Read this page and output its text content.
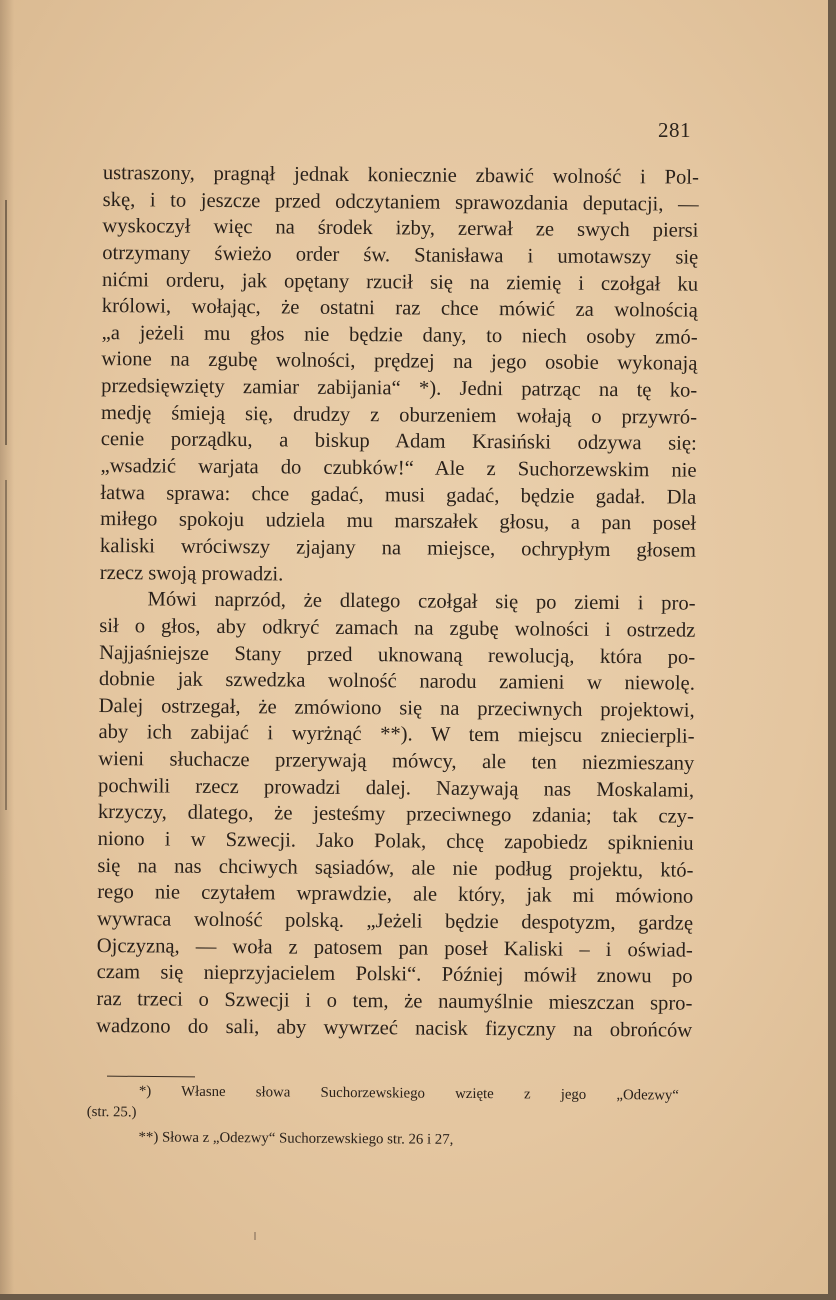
281
ustraszony, pragnął jednak koniecznie zbawić wolność i Pol-
skę, i to jeszcze przed odczytaniem sprawozdania deputacji, —
wyskoczył więc na środek izby, zerwał ze swych piersi
otrzymany świeżo order św. Stanisława i umotawszy się
nićmi orderu, jak opętany rzucił się na ziemię i czołgał ku
królowi, wołając, że ostatni raz chce mówić za wolnością
„a jeżeli mu głos nie będzie dany, to niech osoby zmó-
wione na zgubę wolności, prędzej na jego osobie wykonają
przedsięwzięty zamiar zabijania“ *). Jedni patrząc na tę ko-
medję śmieją się, drudzy z oburzeniem wołają o przywró-
cenie porządku, a biskup Adam Krasiński odzywa się:
„wsadzić warjata do czubków!“ Ale z Suchorzewskim nie
łatwa sprawa: chce gadać, musi gadać, będzie gadał. Dla
miłego spokoju udziela mu marszałek głosu, a pan poseł
kaliski wróciwszy zjajany na miejsce, ochrypłym głosem
rzecz swoją prowadzi.
Mówi naprzód, że dlatego czołgał się po ziemi i pro-
sił o głos, aby odkryć zamach na zgubę wolności i ostrzedz
Najjaśniejsze Stany przed uknowaną rewolucją, która po-
dobnie jak szwedzka wolność narodu zamieni w niewolę.
Dalej ostrzegał, że zmówiono się na przeciwnych projektowi,
aby ich zabijać i wyrżnąć **). W tem miejscu zniecierpli-
wieni słuchacze przerywają mówcy, ale ten niezmieszany
pochwili rzecz prowadzi dalej. Nazywają nas Moskalami,
krzyczy, dlatego, że jesteśmy przeciwnego zdania; tak czy-
niono i w Szwecji. Jako Polak, chcę zapobiedz spiknieniu
się na nas chciwych sąsiadów, ale nie podług projektu, któ-
rego nie czytałem wprawdzie, ale który, jak mi mówiono
wywraca wolność polską. „Jeżeli będzie despotyzm, gardzę
Ojczyzną, — woła z patosem pan poseł Kaliski – i oświad-
czam się nieprzyjacielem Polski“. Później mówił znowu po
raz trzeci o Szwecji i o tem, że naumyślnie mieszczan spro-
wadzono do sali, aby wywrzeć nacisk fizyczny na obrońców
*) Własne słowa Suchorzewskiego wzięte z jego „Odezwy“
(str. 25.)
**) Słowa z „Odezwy“ Suchorzewskiego str. 26 i 27,
